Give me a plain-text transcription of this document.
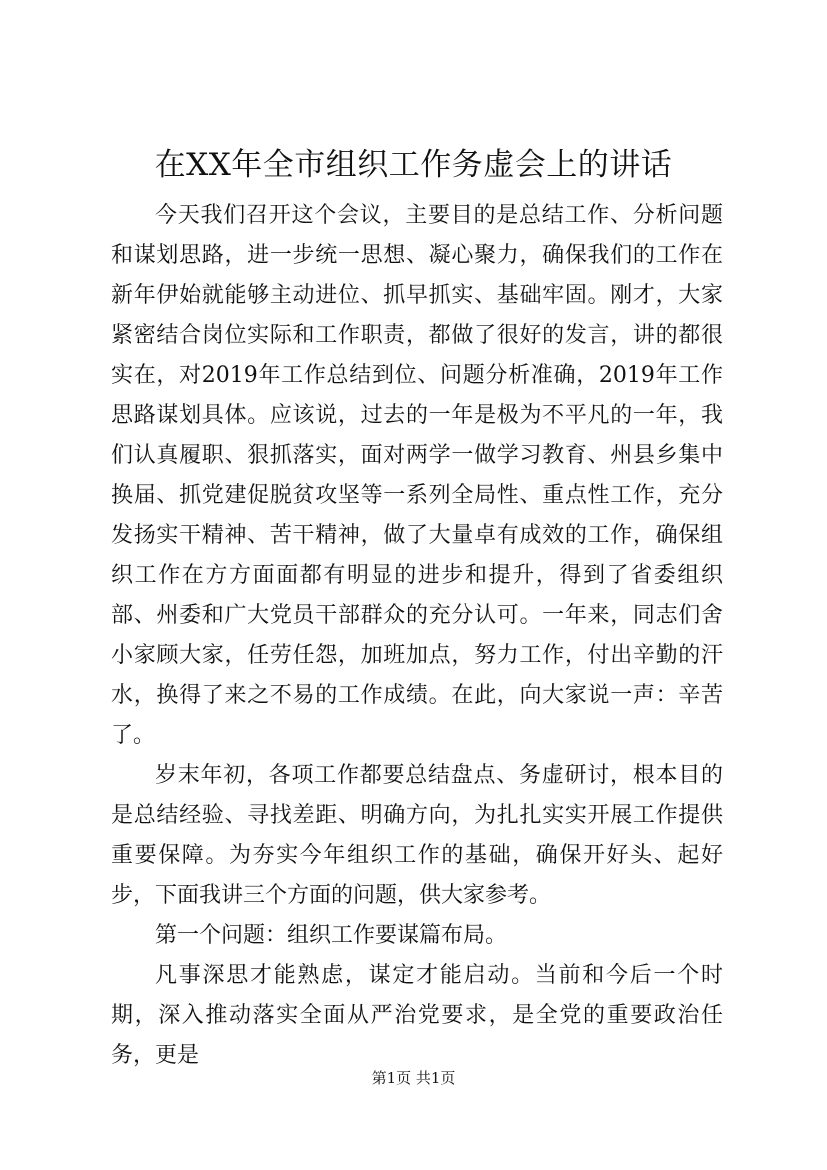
在XX年全市组织工作务虚会上的讲话

今天我们召开这个会议，主要目的是总结工作、分析问题和谋划思路，进一步统一思想、凝心聚力，确保我们的工作在新年伊始就能够主动进位、抓早抓实、基础牢固。刚才，大家紧密结合岗位实际和工作职责，都做了很好的发言，讲的都很实在，对2019年工作总结到位、问题分析准确，2019年工作思路谋划具体。应该说，过去的一年是极为不平凡的一年，我们认真履职、狠抓落实，面对两学一做学习教育、州县乡集中换届、抓党建促脱贫攻坚等一系列全局性、重点性工作，充分发扬实干精神、苦干精神，做了大量卓有成效的工作，确保组织工作在方方面面都有明显的进步和提升，得到了省委组织部、州委和广大党员干部群众的充分认可。一年来，同志们舍小家顾大家，任劳任怨，加班加点，努力工作，付出辛勤的汗水，换得了来之不易的工作成绩。在此，向大家说一声：辛苦了。

岁末年初，各项工作都要总结盘点、务虚研讨，根本目的是总结经验、寻找差距、明确方向，为扎扎实实开展工作提供重要保障。为夯实今年组织工作的基础，确保开好头、起好步，下面我讲三个方面的问题，供大家参考。

第一个问题：组织工作要谋篇布局。

凡事深思才能熟虑，谋定才能启动。当前和今后一个时期，深入推动落实全面从严治党要求，是全党的重要政治任务，更是

第1页 共1页
